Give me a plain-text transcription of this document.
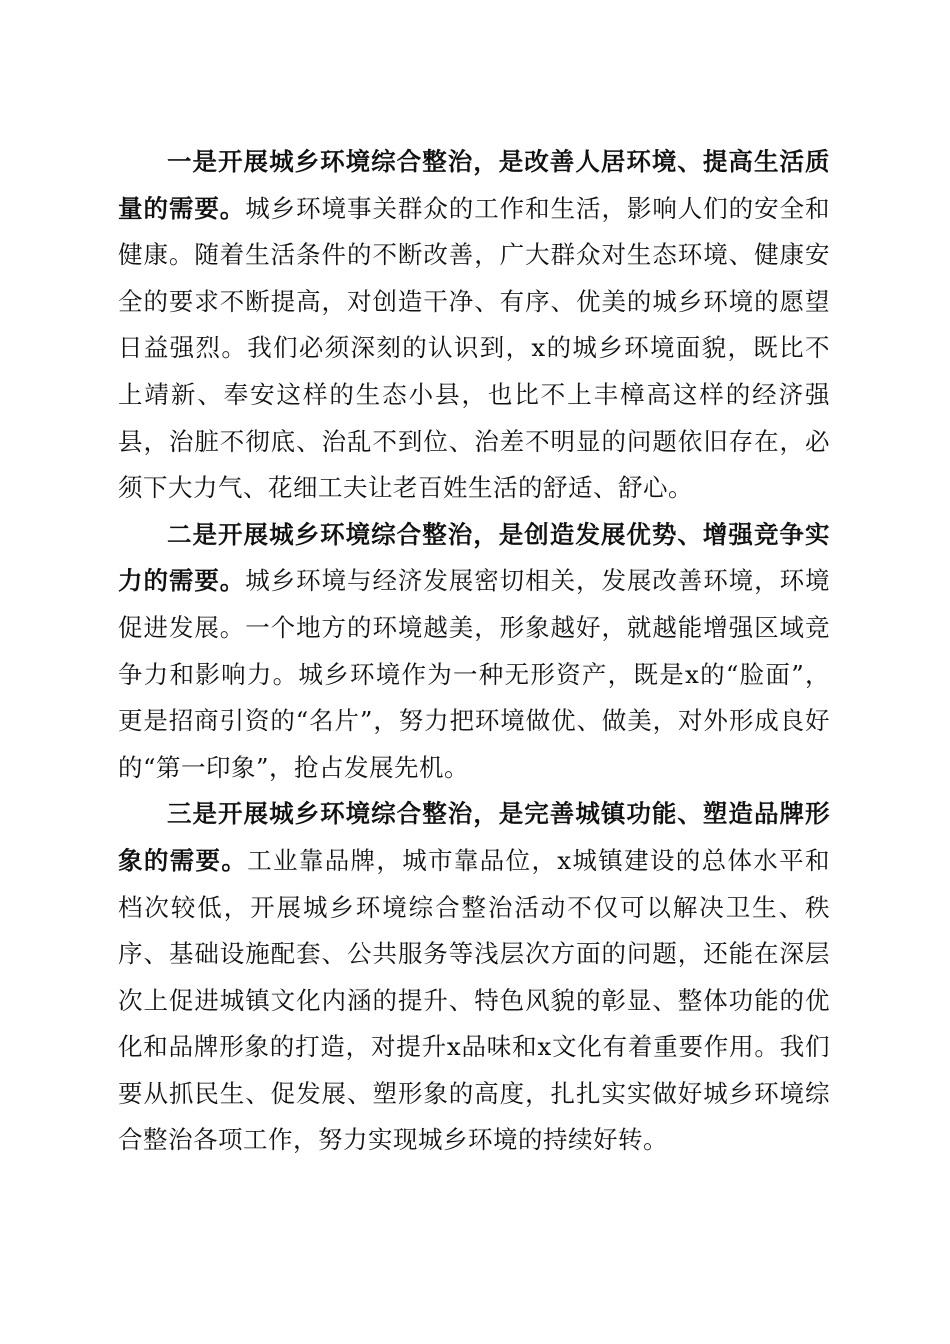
一是开展城乡环境综合整治，是改善人居环境、提高生活质量的需要。城乡环境事关群众的工作和生活，影响人们的安全和健康。随着生活条件的不断改善，广大群众对生态环境、健康安全的要求不断提高，对创造干净、有序、优美的城乡环境的愿望日益强烈。我们必须深刻的认识到，x的城乡环境面貌，既比不上靖新、奉安这样的生态小县，也比不上丰樟高这样的经济强县，治脏不彻底、治乱不到位、治差不明显的问题依旧存在，必须下大力气、花细工夫让老百姓生活的舒适、舒心。

二是开展城乡环境综合整治，是创造发展优势、增强竞争实力的需要。城乡环境与经济发展密切相关，发展改善环境，环境促进发展。一个地方的环境越美，形象越好，就越能增强区域竞争力和影响力。城乡环境作为一种无形资产，既是x的“脸面”，更是招商引资的“名片”，努力把环境做优、做美，对外形成良好的“第一印象”，抢占发展先机。

三是开展城乡环境综合整治，是完善城镇功能、塑造品牌形象的需要。工业靠品牌，城市靠品位，x城镇建设的总体水平和档次较低，开展城乡环境综合整治活动不仅可以解决卫生、秩序、基础设施配套、公共服务等浅层次方面的问题，还能在深层次上促进城镇文化内涵的提升、特色风貌的彰显、整体功能的优化和品牌形象的打造，对提升x品味和x文化有着重要作用。我们要从抓民生、促发展、塑形象的高度，扎扎实实做好城乡环境综合整治各项工作，努力实现城乡环境的持续好转。
